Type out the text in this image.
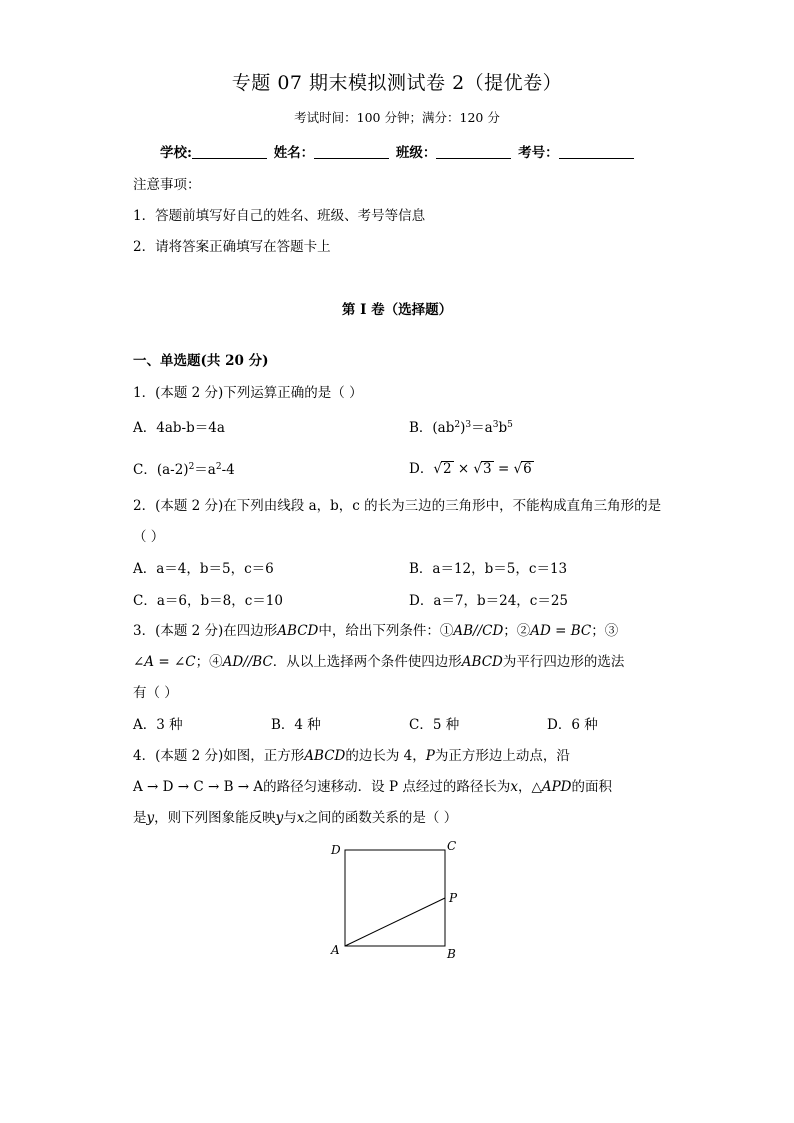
专题 07 期末模拟测试卷 2（提优卷）
考试时间：100 分钟；满分：120 分
学校:	姓名：	班级：	考号：
注意事项：
1．答题前填写好自己的姓名、班级、考号等信息
2．请将答案正确填写在答题卡上
第 I 卷（选择题）
一、单选题(共 20 分)
1．(本题 2 分)下列运算正确的是（ ）
A．4ab-b＝4a	B．$(ab^2)^3=a^3b^5$
C．$(a-2)^2=a^2-4$	D．√2 × √3 = √6
2．(本题 2 分)在下列由线段 a，b，c 的长为三边的三角形中，不能构成直角三角形的是
（ ）
A．a＝4，b＝5，c＝6	B．a＝12，b＝5，c＝13
C．a＝6，b＝8，c＝10	D．a＝7，b＝24，c＝25
3．(本题 2 分)在四边形ABCD中，给出下列条件：①AB//CD；②AD = BC；③
∠A = ∠C；④AD//BC．从以上选择两个条件使四边形ABCD为平行四边形的选法
有（ ）
A．3 种	B．4 种	C．5 种	D．6 种
4．(本题 2 分)如图，正方形ABCD的边长为 4，P为正方形边上动点，沿
A → D → C → B → A的路径匀速移动．设 P 点经过的路径长为x，△APD的面积
是y，则下列图象能反映y与x之间的函数关系的是（ ）
D	C
P
A	B
